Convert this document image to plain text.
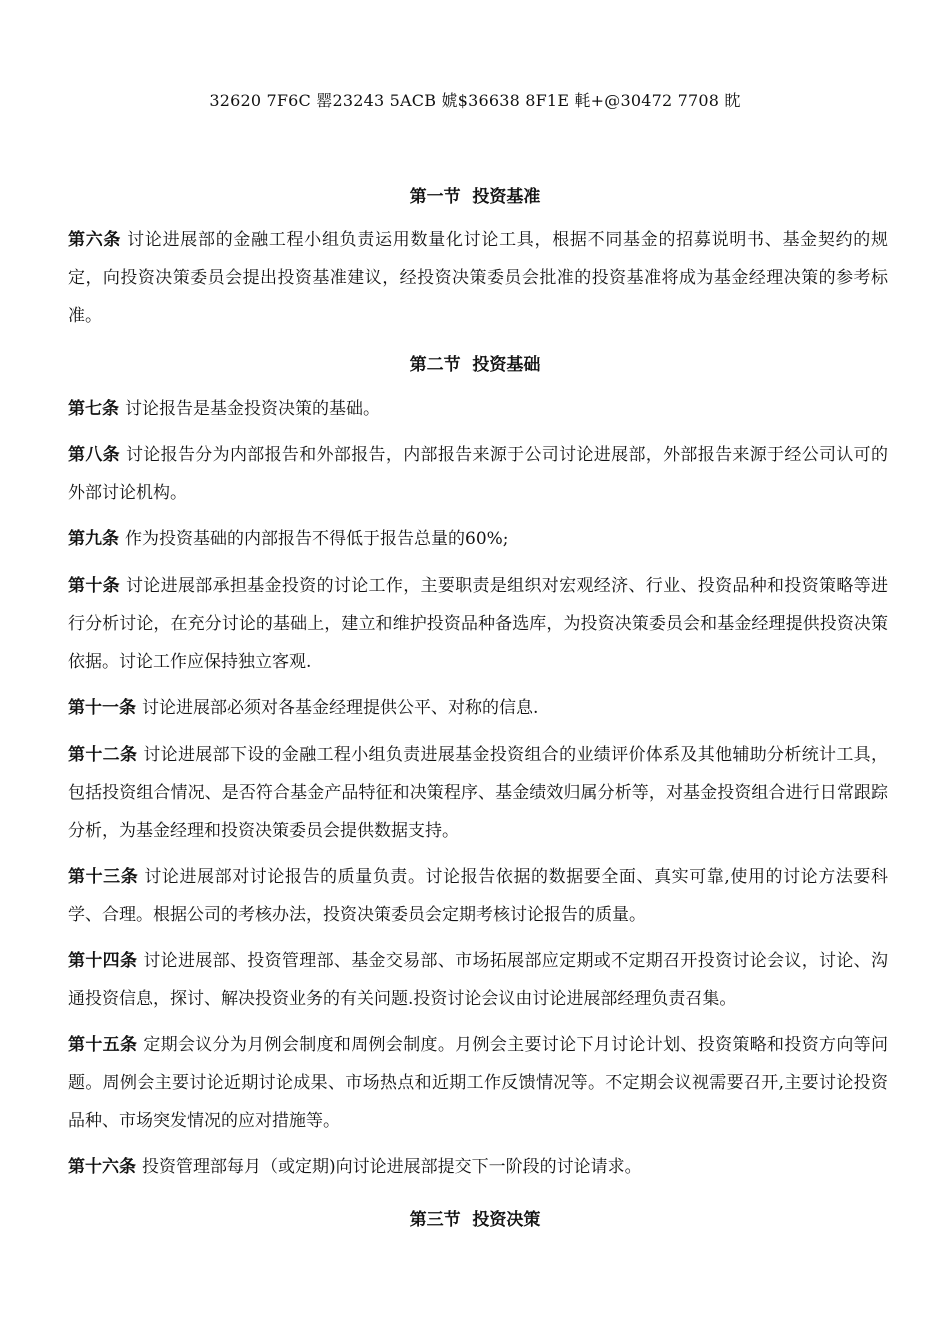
32620 7F6C 罂23243 5ACB 婋$36638 8F1E 軞+@30472 7708 眈
第一节  投资基准
第六条 讨论进展部的金融工程小组负责运用数量化讨论工具，根据不同基金的招募说明书、基金契约的规定，向投资决策委员会提出投资基准建议，经投资决策委员会批准的投资基准将成为基金经理决策的参考标准。
第二节  投资基础
第七条 讨论报告是基金投资决策的基础。
第八条 讨论报告分为内部报告和外部报告，内部报告来源于公司讨论进展部，外部报告来源于经公司认可的外部讨论机构。
第九条 作为投资基础的内部报告不得低于报告总量的60%;
第十条 讨论进展部承担基金投资的讨论工作，主要职责是组织对宏观经济、行业、投资品种和投资策略等进行分析讨论，在充分讨论的基础上，建立和维护投资品种备选库，为投资决策委员会和基金经理提供投资决策依据。讨论工作应保持独立客观.
第十一条 讨论进展部必须对各基金经理提供公平、对称的信息.
第十二条 讨论进展部下设的金融工程小组负责进展基金投资组合的业绩评价体系及其他辅助分析统计工具，包括投资组合情况、是否符合基金产品特征和决策程序、基金绩效归属分析等，对基金投资组合进行日常跟踪分析，为基金经理和投资决策委员会提供数据支持。
第十三条 讨论进展部对讨论报告的质量负责。讨论报告依据的数据要全面、真实可靠,使用的讨论方法要科学、合理。根据公司的考核办法，投资决策委员会定期考核讨论报告的质量。
第十四条 讨论进展部、投资管理部、基金交易部、市场拓展部应定期或不定期召开投资讨论会议，讨论、沟通投资信息，探讨、解决投资业务的有关问题.投资讨论会议由讨论进展部经理负责召集。
第十五条 定期会议分为月例会制度和周例会制度。月例会主要讨论下月讨论计划、投资策略和投资方向等问题。周例会主要讨论近期讨论成果、市场热点和近期工作反馈情况等。不定期会议视需要召开,主要讨论投资品种、市场突发情况的应对措施等。
第十六条 投资管理部每月（或定期)向讨论进展部提交下一阶段的讨论请求。
第三节  投资决策
